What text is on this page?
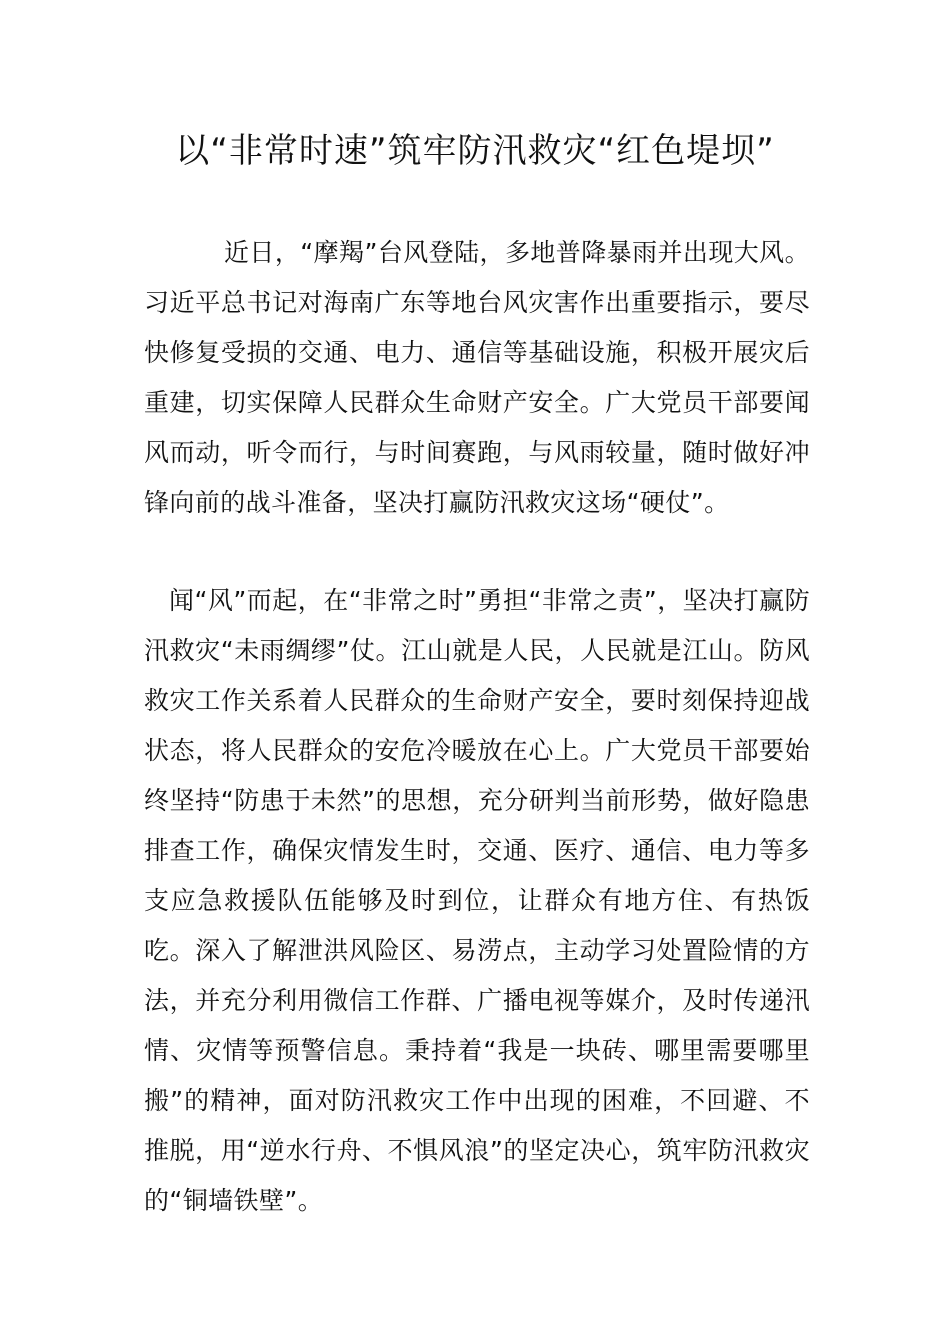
以“非常时速”筑牢防汛救灾“红色堤坝”

近日，“摩羯”台风登陆，多地普降暴雨并出现大风。习近平总书记对海南广东等地台风灾害作出重要指示，要尽快修复受损的交通、电力、通信等基础设施，积极开展灾后重建，切实保障人民群众生命财产安全。广大党员干部要闻风而动，听令而行，与时间赛跑，与风雨较量，随时做好冲锋向前的战斗准备，坚决打赢防汛救灾这场“硬仗”。

闻“风”而起，在“非常之时”勇担“非常之责”，坚决打赢防汛救灾“未雨绸缪”仗。江山就是人民，人民就是江山。防风救灾工作关系着人民群众的生命财产安全，要时刻保持迎战状态，将人民群众的安危冷暖放在心上。广大党员干部要始终坚持“防患于未然”的思想，充分研判当前形势，做好隐患排查工作，确保灾情发生时，交通、医疗、通信、电力等多支应急救援队伍能够及时到位，让群众有地方住、有热饭吃。深入了解泄洪风险区、易涝点，主动学习处置险情的方法，并充分利用微信工作群、广播电视等媒介，及时传递汛情、灾情等预警信息。秉持着“我是一块砖、哪里需要哪里搬”的精神，面对防汛救灾工作中出现的困难，不回避、不推脱，用“逆水行舟、不惧风浪”的坚定决心，筑牢防汛救灾的“铜墙铁壁”。
